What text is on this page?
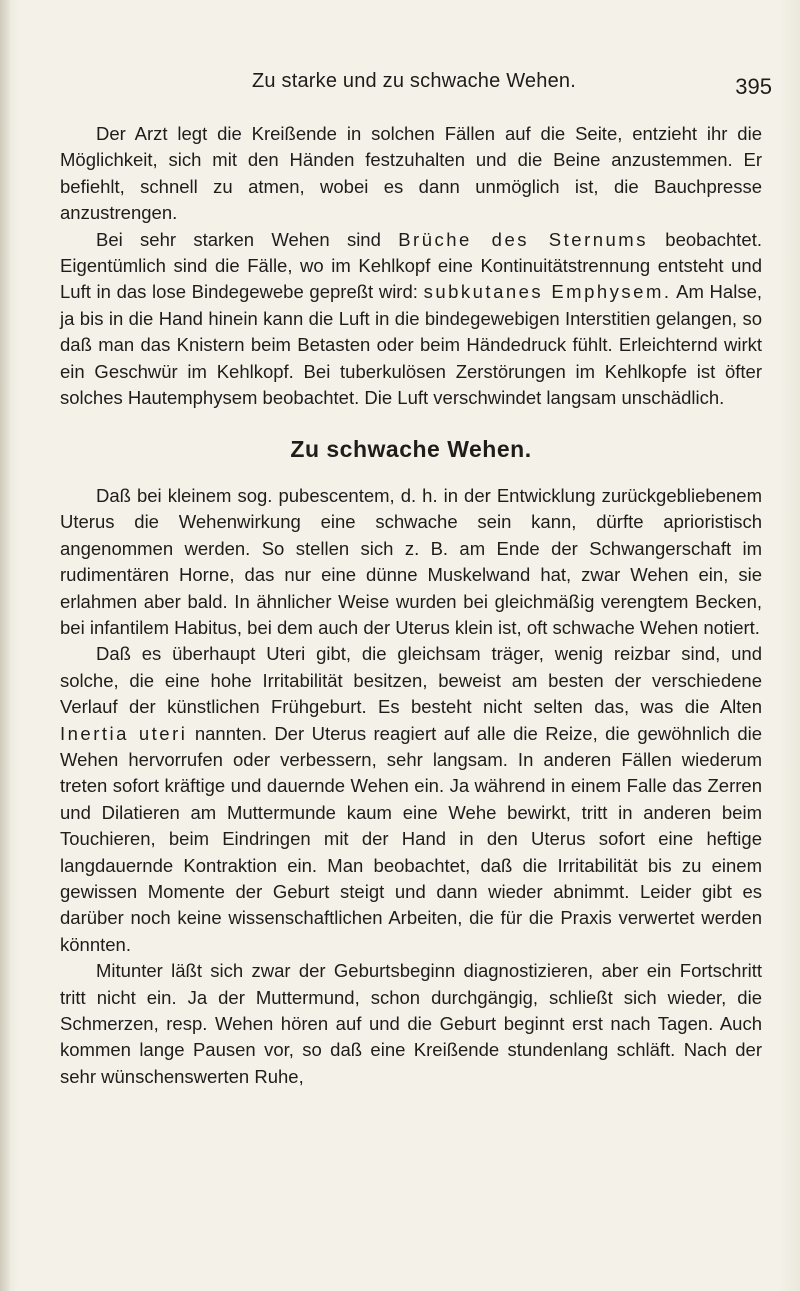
Zu starke und zu schwache Wehen.	395

Der Arzt legt die Kreißende in solchen Fällen auf die Seite, entzieht ihr die Möglichkeit, sich mit den Händen festzuhalten und die Beine anzustemmen. Er befiehlt, schnell zu atmen, wobei es dann unmöglich ist, die Bauchpresse anzustrengen.

Bei sehr starken Wehen sind Brüche des Sternums beobachtet. Eigentümlich sind die Fälle, wo im Kehlkopf eine Kontinuitätstrennung entsteht und Luft in das lose Bindegewebe gepreßt wird: subkutanes Emphysem. Am Halse, ja bis in die Hand hinein kann die Luft in die bindegewebigen Interstitien gelangen, so daß man das Knistern beim Betasten oder beim Händedruck fühlt. Erleichternd wirkt ein Geschwür im Kehlkopf. Bei tuberkulösen Zerstörungen im Kehlkopfe ist öfter solches Hautemphysem beobachtet. Die Luft verschwindet langsam unschädlich.

Zu schwache Wehen.

Daß bei kleinem sog. pubescentem, d. h. in der Entwicklung zurückgebliebenem Uterus die Wehenwirkung eine schwache sein kann, dürfte aprioristisch angenommen werden. So stellen sich z. B. am Ende der Schwangerschaft im rudimentären Horne, das nur eine dünne Muskelwand hat, zwar Wehen ein, sie erlahmen aber bald. In ähnlicher Weise wurden bei gleichmäßig verengtem Becken, bei infantilem Habitus, bei dem auch der Uterus klein ist, oft schwache Wehen notiert.

Daß es überhaupt Uteri gibt, die gleichsam träger, wenig reizbar sind, und solche, die eine hohe Irritabilität besitzen, beweist am besten der verschiedene Verlauf der künstlichen Frühgeburt. Es besteht nicht selten das, was die Alten Inertia uteri nannten. Der Uterus reagiert auf alle die Reize, die gewöhnlich die Wehen hervorrufen oder verbessern, sehr langsam. In anderen Fällen wiederum treten sofort kräftige und dauernde Wehen ein. Ja während in einem Falle das Zerren und Dilatieren am Muttermunde kaum eine Wehe bewirkt, tritt in anderen beim Touchieren, beim Eindringen mit der Hand in den Uterus sofort eine heftige langdauernde Kontraktion ein. Man beobachtet, daß die Irritabilität bis zu einem gewissen Momente der Geburt steigt und dann wieder abnimmt. Leider gibt es darüber noch keine wissenschaftlichen Arbeiten, die für die Praxis verwertet werden könnten.

Mitunter läßt sich zwar der Geburtsbeginn diagnostizieren, aber ein Fortschritt tritt nicht ein. Ja der Muttermund, schon durchgängig, schließt sich wieder, die Schmerzen, resp. Wehen hören auf und die Geburt beginnt erst nach Tagen. Auch kommen lange Pausen vor, so daß eine Kreißende stundenlang schläft. Nach der sehr wünschenswerten Ruhe,
